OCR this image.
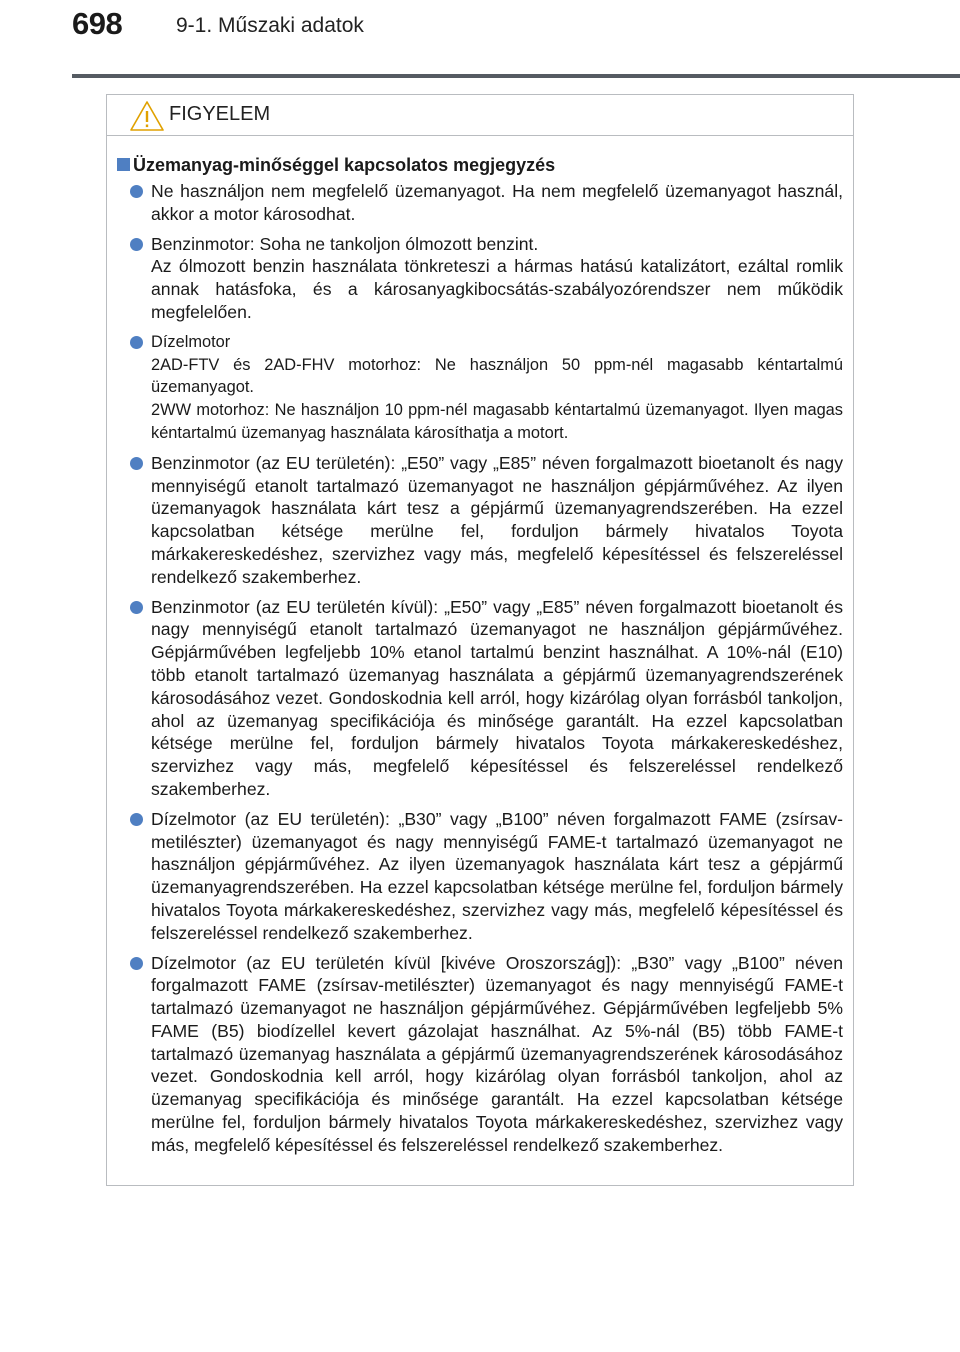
698	9-1. Műszaki adatok
FIGYELEM
Üzemanyag-minőséggel kapcsolatos megjegyzés

Ne használjon nem megfelelő üzemanyagot. Ha nem megfelelő üzemanyagot használ, akkor a motor károsodhat.

Benzinmotor: Soha ne tankoljon ólmozott benzint.

Az ólmozott benzin használata tönkreteszi a hármas hatású katalizátort, ezáltal romlik annak hatásfoka, és a károsanyagkibocsátás-szabályozórendszer nem működik megfelelően.

Dízelmotor

2AD-FTV és 2AD-FHV motorhoz: Ne használjon 50 ppm-nél magasabb kéntartalmú üzemanyagot.

2WW motorhoz: Ne használjon 10 ppm-nél magasabb kéntartalmú üzemanyagot. Ilyen magas kéntartalmú üzemanyag használata károsíthatja a motort.

Benzinmotor (az EU területén): „E50” vagy „E85” néven forgalmazott bioetanolt és nagy mennyiségű etanolt tartalmazó üzemanyagot ne használjon gépjárművéhez. Az ilyen üzemanyagok használata kárt tesz a gépjármű üzemanyagrendszerében. Ha ezzel kapcsolatban kétsége merülne fel, forduljon bármely hivatalos Toyota márkakereskedéshez, szervizhez vagy más, megfelelő képesítéssel és felszereléssel rendelkező szakemberhez.

Benzinmotor (az EU területén kívül): „E50” vagy „E85” néven forgalmazott bioetanolt és nagy mennyiségű etanolt tartalmazó üzemanyagot ne használjon gépjárművéhez. Gépjárművében legfeljebb 10% etanol tartalmú benzint használhat. A 10%-nál (E10) több etanolt tartalmazó üzemanyag használata a gépjármű üzemanyagrendszerének károsodásához vezet. Gondoskodnia kell arról, hogy kizárólag olyan forrásból tankoljon, ahol az üzemanyag specifikációja és minősége garantált. Ha ezzel kapcsolatban kétsége merülne fel, forduljon bármely hivatalos Toyota márkakereskedéshez, szervizhez vagy más, megfelelő képesítéssel és felszereléssel rendelkező szakemberhez.

Dízelmotor (az EU területén): „B30” vagy „B100” néven forgalmazott FAME (zsírsav-metilészter) üzemanyagot és nagy mennyiségű FAME-t tartalmazó üzemanyagot ne használjon gépjárművéhez. Az ilyen üzemanyagok használata kárt tesz a gépjármű üzemanyagrendszerében. Ha ezzel kapcsolatban kétsége merülne fel, forduljon bármely hivatalos Toyota márkakereskedéshez, szervizhez vagy más, megfelelő képesítéssel és felszereléssel rendelkező szakemberhez.

Dízelmotor (az EU területén kívül [kivéve Oroszország]): „B30” vagy „B100” néven forgalmazott FAME (zsírsav-metilészter) üzemanyagot és nagy mennyiségű FAME-t tartalmazó üzemanyagot ne használjon gépjárművéhez. Gépjárművében legfeljebb 5% FAME (B5) biodízellel kevert gázolajat használhat. Az 5%-nál (B5) több FAME-t tartalmazó üzemanyag használata a gépjármű üzemanyagrendszerének károsodásához vezet. Gondoskodnia kell arról, hogy kizárólag olyan forrásból tankoljon, ahol az üzemanyag specifikációja és minősége garantált. Ha ezzel kapcsolatban kétsége merülne fel, forduljon bármely hivatalos Toyota márkakereskedéshez, szervizhez vagy más, megfelelő képesítéssel és felszereléssel rendelkező szakemberhez.
